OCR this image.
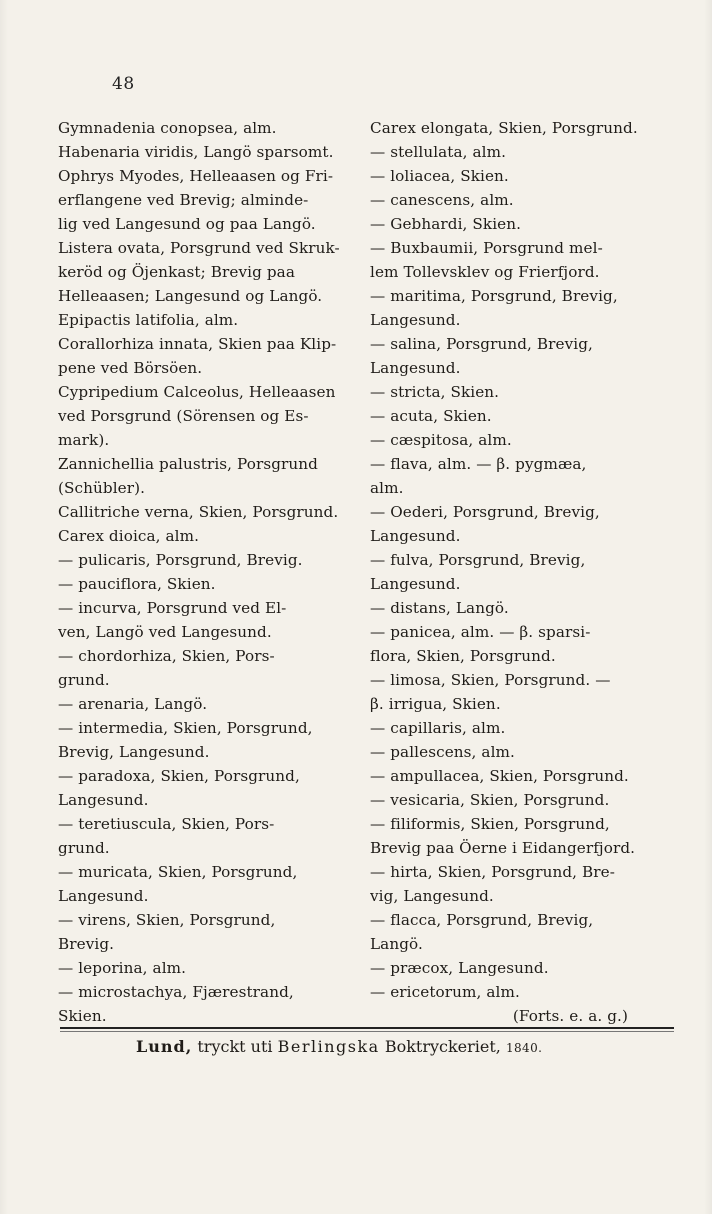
48
Gymnadenia conopsea, alm.
Habenaria viridis, Langö sparsomt.
Ophrys Myodes, Helleaasen og Fri-
erflangene ved Brevig; alminde-
lig ved Langesund og paa Langö.
Listera ovata, Porsgrund ved Skruk-
keröd og Öjenkast; Brevig paa
Helleaasen; Langesund og Langö.
Epipactis latifolia, alm.
Corallorhiza innata, Skien paa Klip-
pene ved Börsöen.
Cypripedium Calceolus, Helleaasen
ved Porsgrund (Sörensen og Es-
mark).
Zannichellia palustris, Porsgrund
(Schübler).
Callitriche verna, Skien, Porsgrund.
Carex dioica, alm.
— pulicaris, Porsgrund, Brevig.
— pauciflora, Skien.
— incurva, Porsgrund ved El-
ven, Langö ved Langesund.
— chordorhiza, Skien, Pors-
grund.
— arenaria, Langö.
— intermedia, Skien, Porsgrund,
Brevig, Langesund.
— paradoxa, Skien, Porsgrund,
Langesund.
— teretiuscula, Skien, Pors-
grund.
— muricata, Skien, Porsgrund,
Langesund.
— virens, Skien, Porsgrund,
Brevig.
— leporina, alm.
— microstachya, Fjærestrand,
Skien.
Carex elongata, Skien, Porsgrund.
— stellulata, alm.
— loliacea, Skien.
— canescens, alm.
— Gebhardi, Skien.
— Buxbaumii, Porsgrund mel-
lem Tollevsklev og Frierfjord.
— maritima, Porsgrund, Brevig,
Langesund.
— salina, Porsgrund, Brevig,
Langesund.
— stricta, Skien.
— acuta, Skien.
— cæspitosa, alm.
— flava, alm. — β. pygmæa,
alm.
— Oederi, Porsgrund, Brevig,
Langesund.
— fulva, Porsgrund, Brevig,
Langesund.
— distans, Langö.
— panicea, alm. — β. sparsi-
flora, Skien, Porsgrund.
— limosa, Skien, Porsgrund. —
β. irrigua, Skien.
— capillaris, alm.
— pallescens, alm.
— ampullacea, Skien, Porsgrund.
— vesicaria, Skien, Porsgrund.
— filiformis, Skien, Porsgrund,
Brevig paa Öerne i Eidangerfjord.
— hirta, Skien, Porsgrund, Bre-
vig, Langesund.
— flacca, Porsgrund, Brevig,
Langö.
— præcox, Langesund.
— ericetorum, alm.
(Forts. e. a. g.)
Lund, tryckt uti Berlingska Boktryckeriet, 1840.
